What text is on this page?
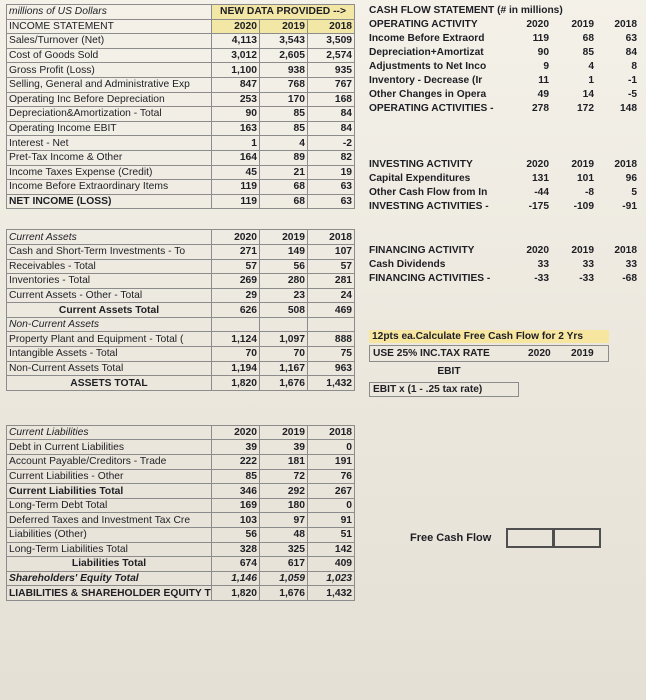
millions of US Dollars	NEW DATA PROVIDED -->		
INCOME STATEMENT	2020	2019	2018
Sales/Turnover (Net)	4,113	3,543	3,509
Cost of Goods Sold	3,012	2,605	2,574
Gross Profit (Loss)	1,100	938	935
Selling, General and Administrative Exp	847	768	767
Operating Inc Before Depreciation	253	170	168
Depreciation&Amortization - Total	90	85	84
Operating Income EBIT	163	85	84
Interest - Net	1	4	-2
Pret-Tax Income & Other	164	89	82
Income Taxes Expense (Credit)	45	21	19
Income Before Extraordinary Items	119	68	63
NET INCOME (LOSS)	119	68	63

Current Assets	2020	2019	2018
Cash and Short-Term Investments - To	271	149	107
Receivables - Total	57	56	57
Inventories - Total	269	280	281
Current Assets - Other - Total	29	23	24
Current Assets Total	626	508	469
Non-Current Assets			
Property Plant and Equipment - Total (	1,124	1,097	888
Intangible Assets - Total	70	70	75
Non-Current Assets Total	1,194	1,167	963
ASSETS TOTAL	1,820	1,676	1,432

Current Liabilities	2020	2019	2018
Debt in Current Liabilities	39	39	0
Account Payable/Creditors - Trade	222	181	191
Current Liabilities - Other	85	72	76
Current Liabilities Total	346	292	267
Long-Term Debt Total	169	180	0
Deferred Taxes and Investment Tax Cre	103	97	91
Liabilities (Other)	56	48	51
Long-Term Liabilities Total	328	325	142
Liabilities Total	674	617	409
Shareholders' Equity Total	1,146	1,059	1,023
LIABILITIES & SHAREHOLDER EQUITY T	1,820	1,676	1,432
CASH FLOW STATEMENT (# in millions)
OPERATING ACTIVITY	2020	2019	2018
Income Before Extraord	119	68	63
Depreciation+Amortizat	90	85	84
Adjustments to Net Inco	9	4	8
Inventory - Decrease (Ir	11	1	-1
Other Changes in Opera	49	14	-5
OPERATING ACTIVITIES -	278	172	148
INVESTING ACTIVITY	2020	2019	2018
Capital Expenditures	131	101	96
Other Cash Flow from In	-44	-8	5
INVESTING ACTIVITIES -	-175	-109	-91
FINANCING ACTIVITY	2020	2019	2018
Cash Dividends	33	33	33
FINANCING ACTIVITIES -	-33	-33	-68
12pts ea.Calculate Free Cash Flow for 2 Yrs
USE 25% INC.TAX RATE	2020 2019
EBIT
EBIT x (1 - .25 tax rate)
Free Cash Flow
